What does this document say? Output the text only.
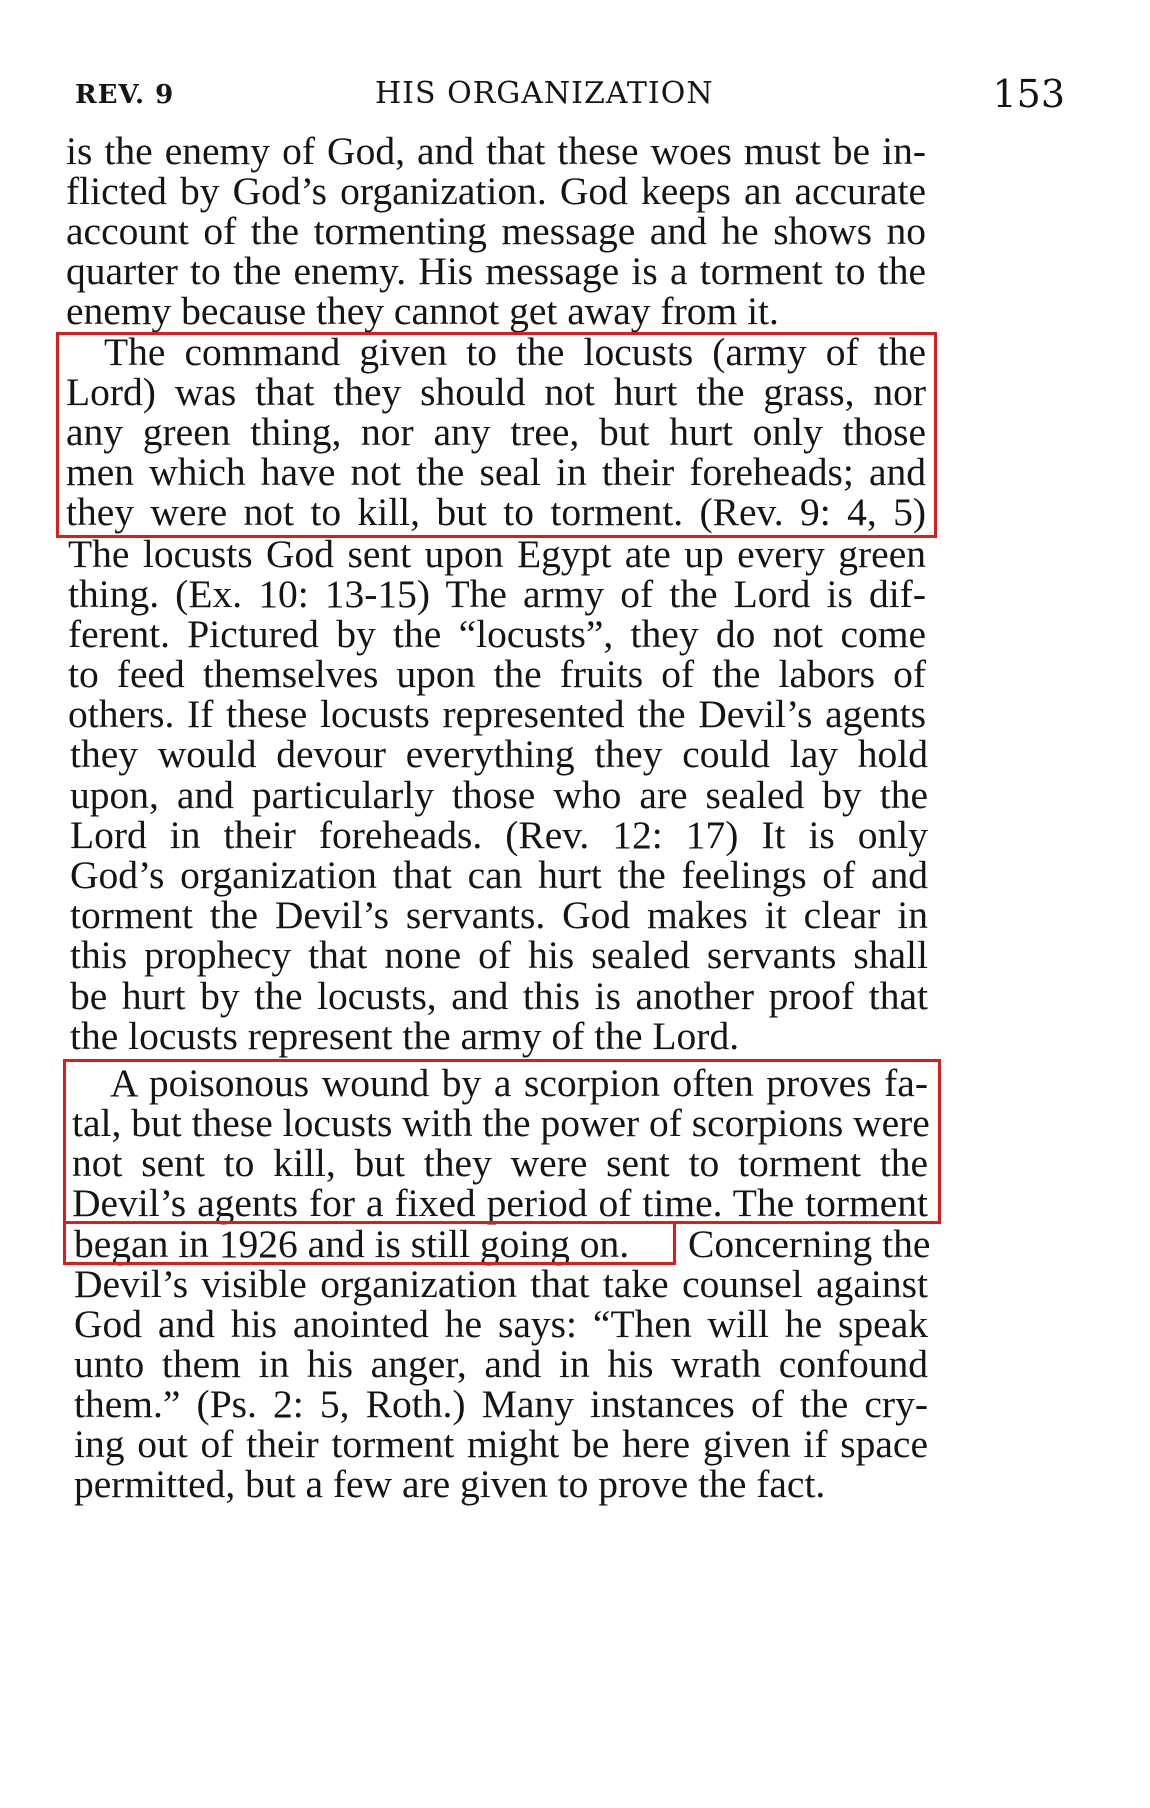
REV. 9	HIS ORGANIZATION	153
is the enemy of God, and that these woes must be in-
flicted by God’s organization. God keeps an accurate
account of the tormenting message and he shows no
quarter to the enemy. His message is a torment to the
enemy because they cannot get away from it.
The command given to the locusts (army of the
Lord) was that they should not hurt the grass, nor
any green thing, nor any tree, but hurt only those
men which have not the seal in their foreheads; and
they were not to kill, but to torment. (Rev. 9: 4, 5)
The locusts God sent upon Egypt ate up every green
thing. (Ex. 10: 13-15) The army of the Lord is dif-
ferent. Pictured by the “locusts”, they do not come
to feed themselves upon the fruits of the labors of
others. If these locusts represented the Devil’s agents
they would devour everything they could lay hold
upon, and particularly those who are sealed by the
Lord in their foreheads. (Rev. 12: 17) It is only
God’s organization that can hurt the feelings of and
torment the Devil’s servants. God makes it clear in
this prophecy that none of his sealed servants shall
be hurt by the locusts, and this is another proof that
the locusts represent the army of the Lord.
A poisonous wound by a scorpion often proves fa-
tal, but these locusts with the power of scorpions were
not sent to kill, but they were sent to torment the
Devil’s agents for a fixed period of time. The torment
began in 1926 and is still going on. Concerning the
Devil’s visible organization that take counsel against
God and his anointed he says: “Then will he speak
unto them in his anger, and in his wrath confound
them.” (Ps. 2: 5, Roth.) Many instances of the cry-
ing out of their torment might be here given if space
permitted, but a few are given to prove the fact.
